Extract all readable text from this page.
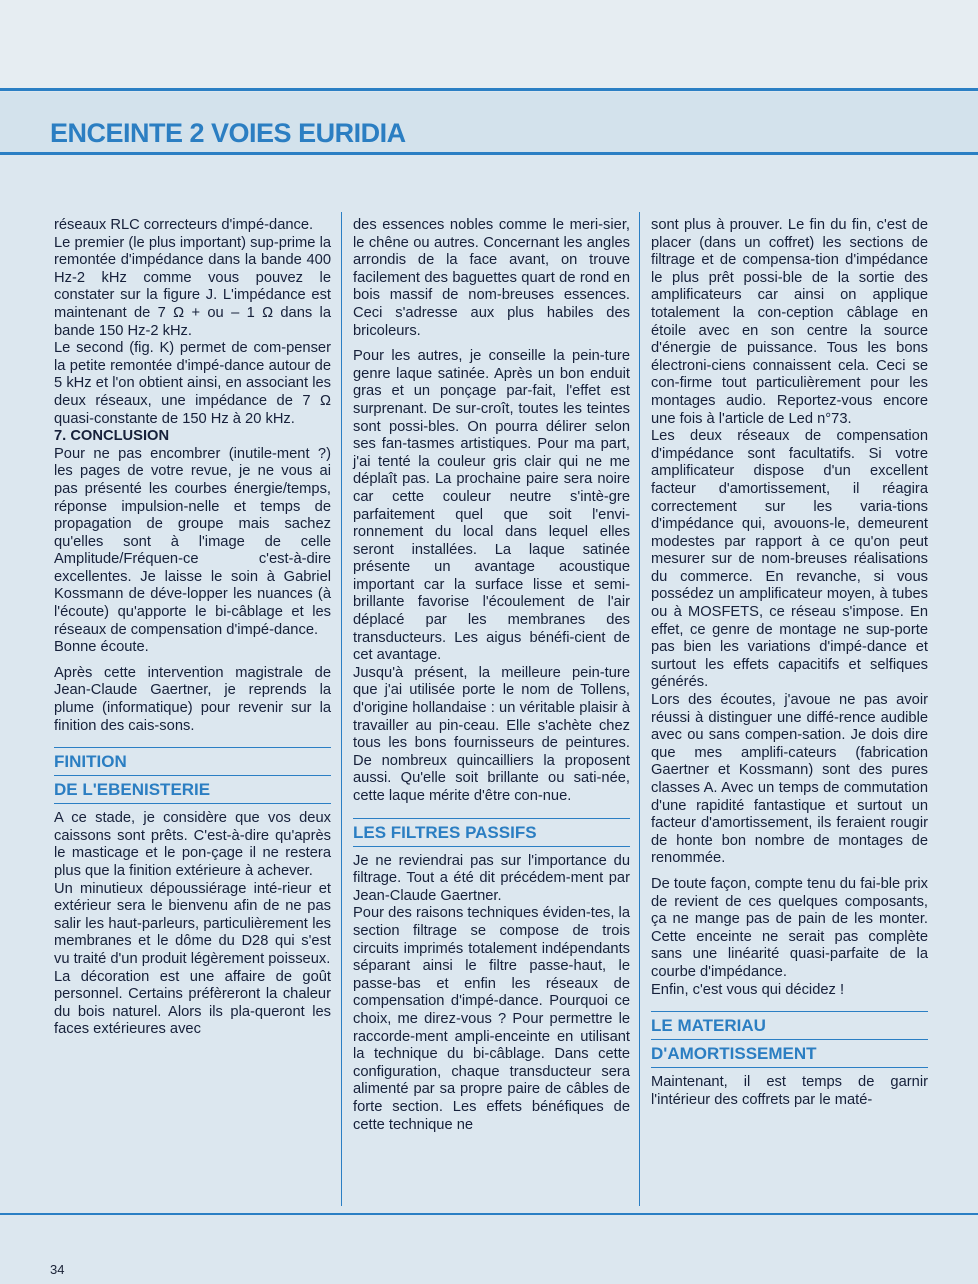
ENCEINTE 2 VOIES EURIDIA

réseaux RLC correcteurs d'impé-dance.

Le premier (le plus important) sup-prime la remontée d'impédance dans la bande 400 Hz-2 kHz comme vous pouvez le constater sur la figure J. L'impédance est maintenant de 7 Ω + ou – 1 Ω dans la bande 150 Hz-2 kHz.

Le second (fig. K) permet de com-penser la petite remontée d'impé-dance autour de 5 kHz et l'on obtient ainsi, en associant les deux réseaux, une impédance de 7 Ω quasi-constante de 150 Hz à 20 kHz.

7. CONCLUSION

Pour ne pas encombrer (inutile-ment ?) les pages de votre revue, je ne vous ai pas présenté les courbes énergie/temps, réponse impulsion-nelle et temps de propagation de groupe mais sachez qu'elles sont à l'image de celle Amplitude/Fréquen-ce c'est-à-dire excellentes. Je laisse le soin à Gabriel Kossmann de déve-lopper les nuances (à l'écoute) qu'apporte le bi-câblage et les réseaux de compensation d'impé-dance.

Bonne écoute.

Après cette intervention magistrale de Jean-Claude Gaertner, je reprends la plume (informatique) pour revenir sur la finition des cais-sons.

FINITION
DE L'EBENISTERIE

A ce stade, je considère que vos deux caissons sont prêts. C'est-à-dire qu'après le masticage et le pon-çage il ne restera plus que la finition extérieure à achever.

Un minutieux dépoussiérage inté-rieur et extérieur sera le bienvenu afin de ne pas salir les haut-parleurs, particulièrement les membranes et le dôme du D28 qui s'est vu traité d'un produit légèrement poisseux.

La décoration est une affaire de goût personnel. Certains préfèreront la chaleur du bois naturel. Alors ils pla-queront les faces extérieures avec

des essences nobles comme le meri-sier, le chêne ou autres. Concernant les angles arrondis de la face avant, on trouve facilement des baguettes quart de rond en bois massif de nom-breuses essences. Ceci s'adresse aux plus habiles des bricoleurs.

Pour les autres, je conseille la pein-ture genre laque satinée. Après un bon enduit gras et un ponçage par-fait, l'effet est surprenant. De sur-croît, toutes les teintes sont possi-bles. On pourra délirer selon ses fan-tasmes artistiques. Pour ma part, j'ai tenté la couleur gris clair qui ne me déplaît pas. La prochaine paire sera noire car cette couleur neutre s'intè-gre parfaitement quel que soit l'envi-ronnement du local dans lequel elles seront installées. La laque satinée présente un avantage acoustique important car la surface lisse et semi-brillante favorise l'écoulement de l'air déplacé par les membranes des transducteurs. Les aigus bénéfi-cient de cet avantage.

Jusqu'à présent, la meilleure pein-ture que j'ai utilisée porte le nom de Tollens, d'origine hollandaise : un véritable plaisir à travailler au pin-ceau. Elle s'achète chez tous les bons fournisseurs de peintures. De nombreux quincailliers la proposent aussi. Qu'elle soit brillante ou sati-née, cette laque mérite d'être con-nue.

LES FILTRES PASSIFS

Je ne reviendrai pas sur l'importance du filtrage. Tout a été dit précédem-ment par Jean-Claude Gaertner.

Pour des raisons techniques éviden-tes, la section filtrage se compose de trois circuits imprimés totalement indépendants séparant ainsi le filtre passe-haut, le passe-bas et enfin les réseaux de compensation d'impé-dance. Pourquoi ce choix, me direz-vous ? Pour permettre le raccorde-ment ampli-enceinte en utilisant la technique du bi-câblage. Dans cette configuration, chaque transducteur sera alimenté par sa propre paire de câbles de forte section. Les effets bénéfiques de cette technique ne

sont plus à prouver. Le fin du fin, c'est de placer (dans un coffret) les sections de filtrage et de compensa-tion d'impédance le plus prêt possi-ble de la sortie des amplificateurs car ainsi on applique totalement la con-ception câblage en étoile avec en son centre la source d'énergie de puissance. Tous les bons électroni-ciens connaissent cela. Ceci se con-firme tout particulièrement pour les montages audio. Reportez-vous encore une fois à l'article de Led n°73.

Les deux réseaux de compensation d'impédance sont facultatifs. Si votre amplificateur dispose d'un excellent facteur d'amortissement, il réagira correctement sur les varia-tions d'impédance qui, avouons-le, demeurent modestes par rapport à ce qu'on peut mesurer sur de nom-breuses réalisations du commerce. En revanche, si vous possédez un amplificateur moyen, à tubes ou à MOSFETS, ce réseau s'impose. En effet, ce genre de montage ne sup-porte pas bien les variations d'impé-dance et surtout les effets capacitifs et selfiques générés.

Lors des écoutes, j'avoue ne pas avoir réussi à distinguer une diffé-rence audible avec ou sans compen-sation. Je dois dire que mes amplifi-cateurs (fabrication Gaertner et Kossmann) sont des pures classes A. Avec un temps de commutation d'une rapidité fantastique et surtout un facteur d'amortissement, ils feraient rougir de honte bon nombre de montages de renommée.

De toute façon, compte tenu du fai-ble prix de revient de ces quelques composants, ça ne mange pas de pain de les monter. Cette enceinte ne serait pas complète sans une linéarité quasi-parfaite de la courbe d'impédance.

Enfin, c'est vous qui décidez !

LE MATERIAU
D'AMORTISSEMENT

Maintenant, il est temps de garnir l'intérieur des coffrets par le maté-

34
